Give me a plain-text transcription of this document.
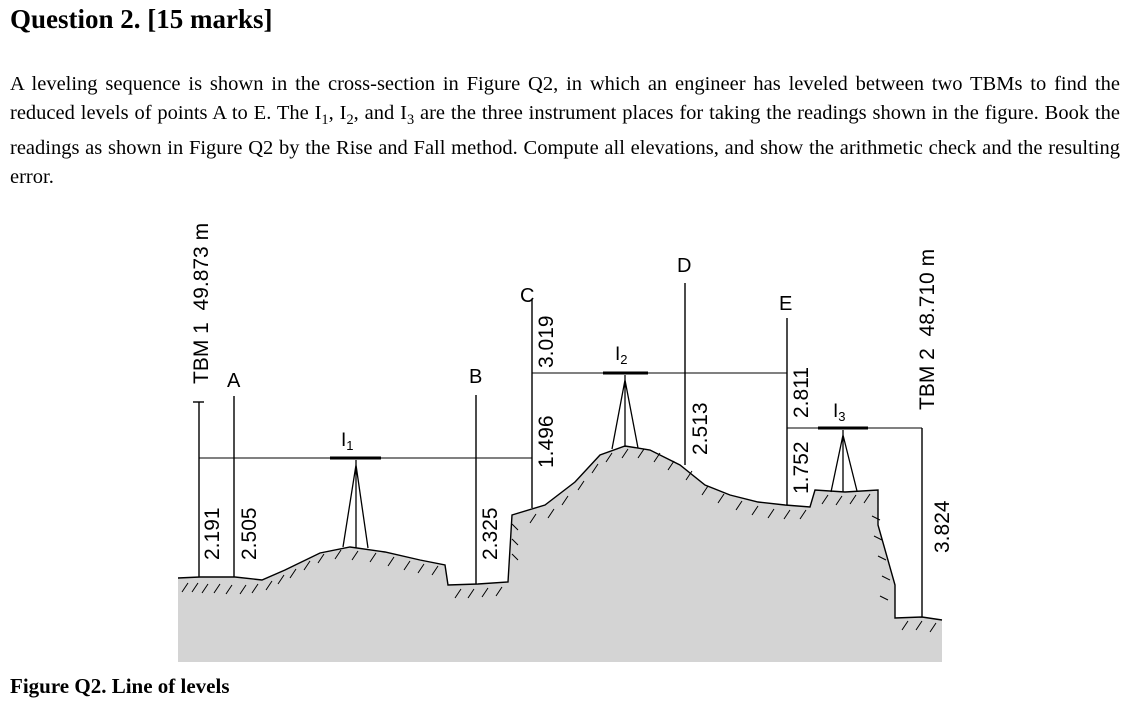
Question 2. [15 marks]

A leveling sequence is shown in the cross-section in Figure Q2, in which an engineer has leveled between two TBMs to find the reduced levels of points A to E. The $I_1$, $I_2$, and $I_3$ are the three instrument places for taking the readings shown in the figure. Book the readings as shown in Figure Q2 by the Rise and Fall method. Compute all elevations, and show the arithmetic check and the resulting error.

TBM 1  49.873 m	TBM 2  48.710 m
A	B
C
D
E
$I_1$
$I_2$
$I_3$
2.191 2.505	2.325
1.496
3.019
2.513
2.811
1.752
3.824

Figure Q2. Line of levels
